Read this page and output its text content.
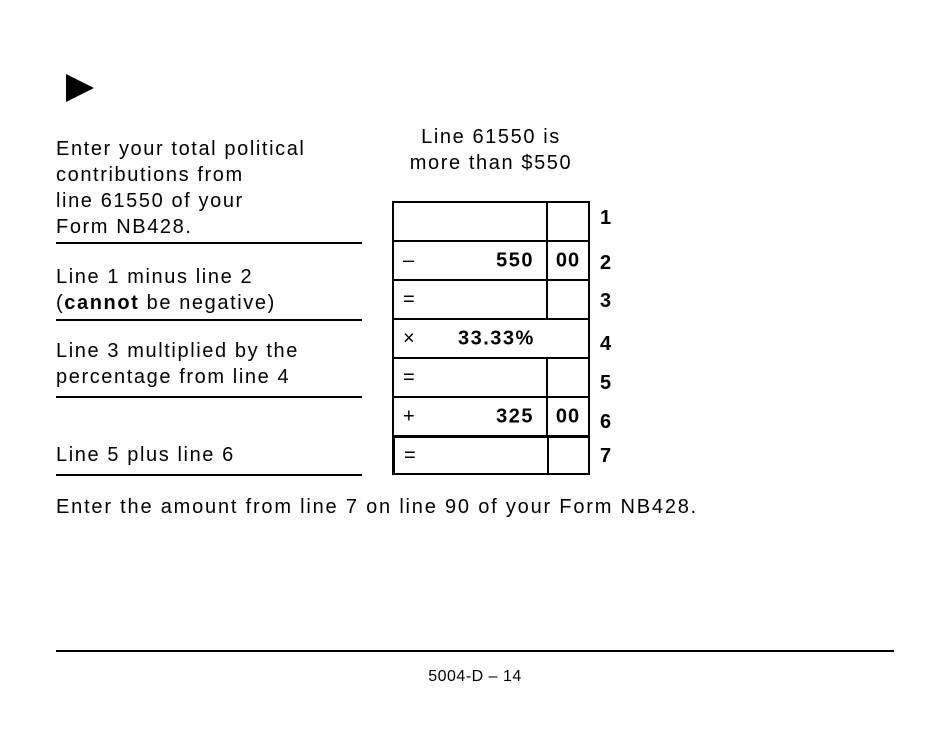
Line 61550 is
more than $550
Enter your total political
contributions from
line 61550 of your
Form NB428.
Line 1 minus line 2
(cannot be negative)
Line 3 multiplied by the
percentage from line 4
Line 5 plus line 6
1
–	550	00 2
=	3
× 33.33%	4
=	5
+	325	00 6
=	7
Enter the amount from line 7 on line 90 of your Form NB428.
5004-D – 14
